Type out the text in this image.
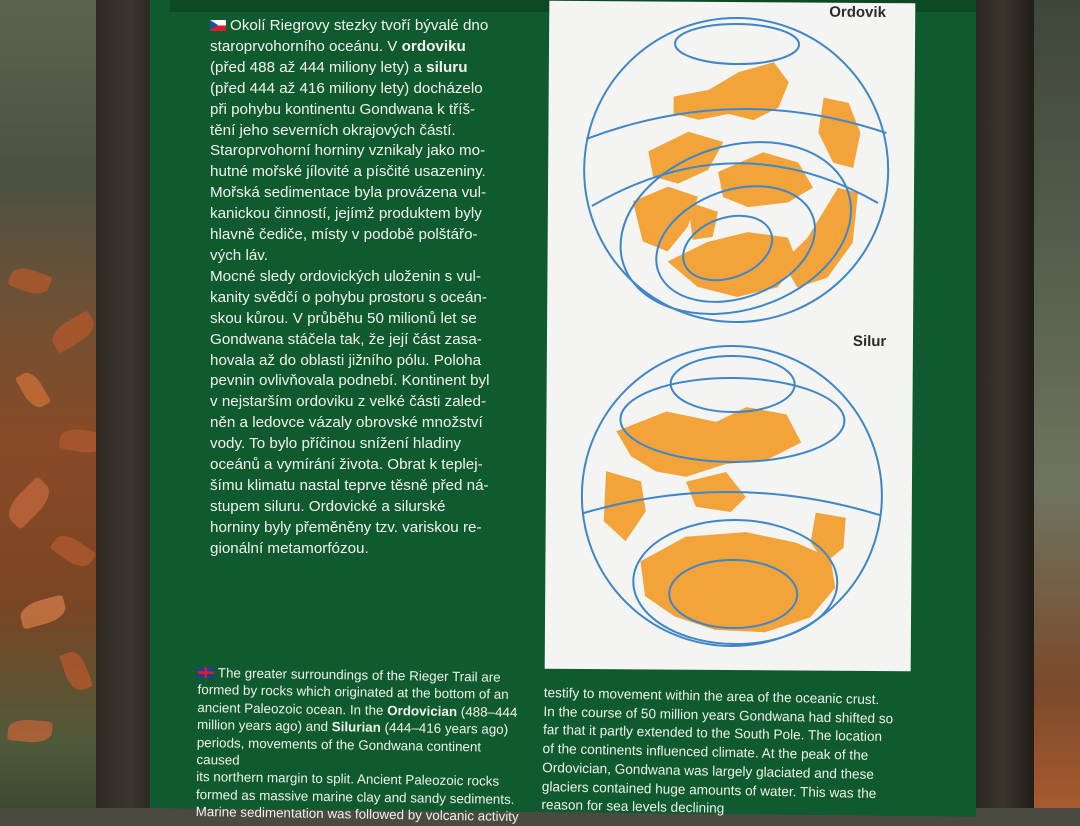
Okolí Riegrovy stezky tvoří bývalé dno
staroprvohorního oceánu. V ordoviku
(před 488 až 444 miliony lety) a siluru
(před 444 až 416 miliony lety) docházelo
při pohybu kontinentu Gondwana k tříš-
tění jeho severních okrajových částí.
Staroprvohorní horniny vznikaly jako mo-
hutné mořské jílovité a písčité usazeniny.
Mořská sedimentace byla provázena vul-
kanickou činností, jejímž produktem byly
hlavně čediče, místy v podobě polštářo-
vých láv.
Mocné sledy ordovických uloženin s vul-
kanity svědčí o pohybu prostoru s oceán-
skou kůrou. V průběhu 50 milionů let se
Gondwana stáčela tak, že její část zasa-
hovala až do oblasti jižního pólu. Poloha
pevnin ovlivňovala podnebí. Kontinent byl
v nejstarším ordoviku z velké části zaled-
něn a ledovce vázaly obrovské množství
vody. To bylo příčinou snížení hladiny
oceánů a vymírání života. Obrat k teplej-
šímu klimatu nastal teprve těsně před ná-
stupem siluru. Ordovické a silurské
horniny byly přeměněny tzv. variskou re-
gionální metamorfózou.
Ordovik
Silur
The greater surroundings of the Rieger Trail are
formed by rocks which originated at the bottom of an
ancient Paleozoic ocean. In the Ordovician (488–444
million years ago) and Silurian (444–416 years ago)
periods, movements of the Gondwana continent caused
its northern margin to split. Ancient Paleozoic rocks
formed as massive marine clay and sandy sediments.
Marine sedimentation was followed by volcanic activity
testify to movement within the area of the oceanic crust.
In the course of 50 million years Gondwana had shifted so
far that it partly extended to the South Pole. The location
of the continents influenced climate. At the peak of the
Ordovician, Gondwana was largely glaciated and these
glaciers contained huge amounts of water. This was the
reason for sea levels declining
